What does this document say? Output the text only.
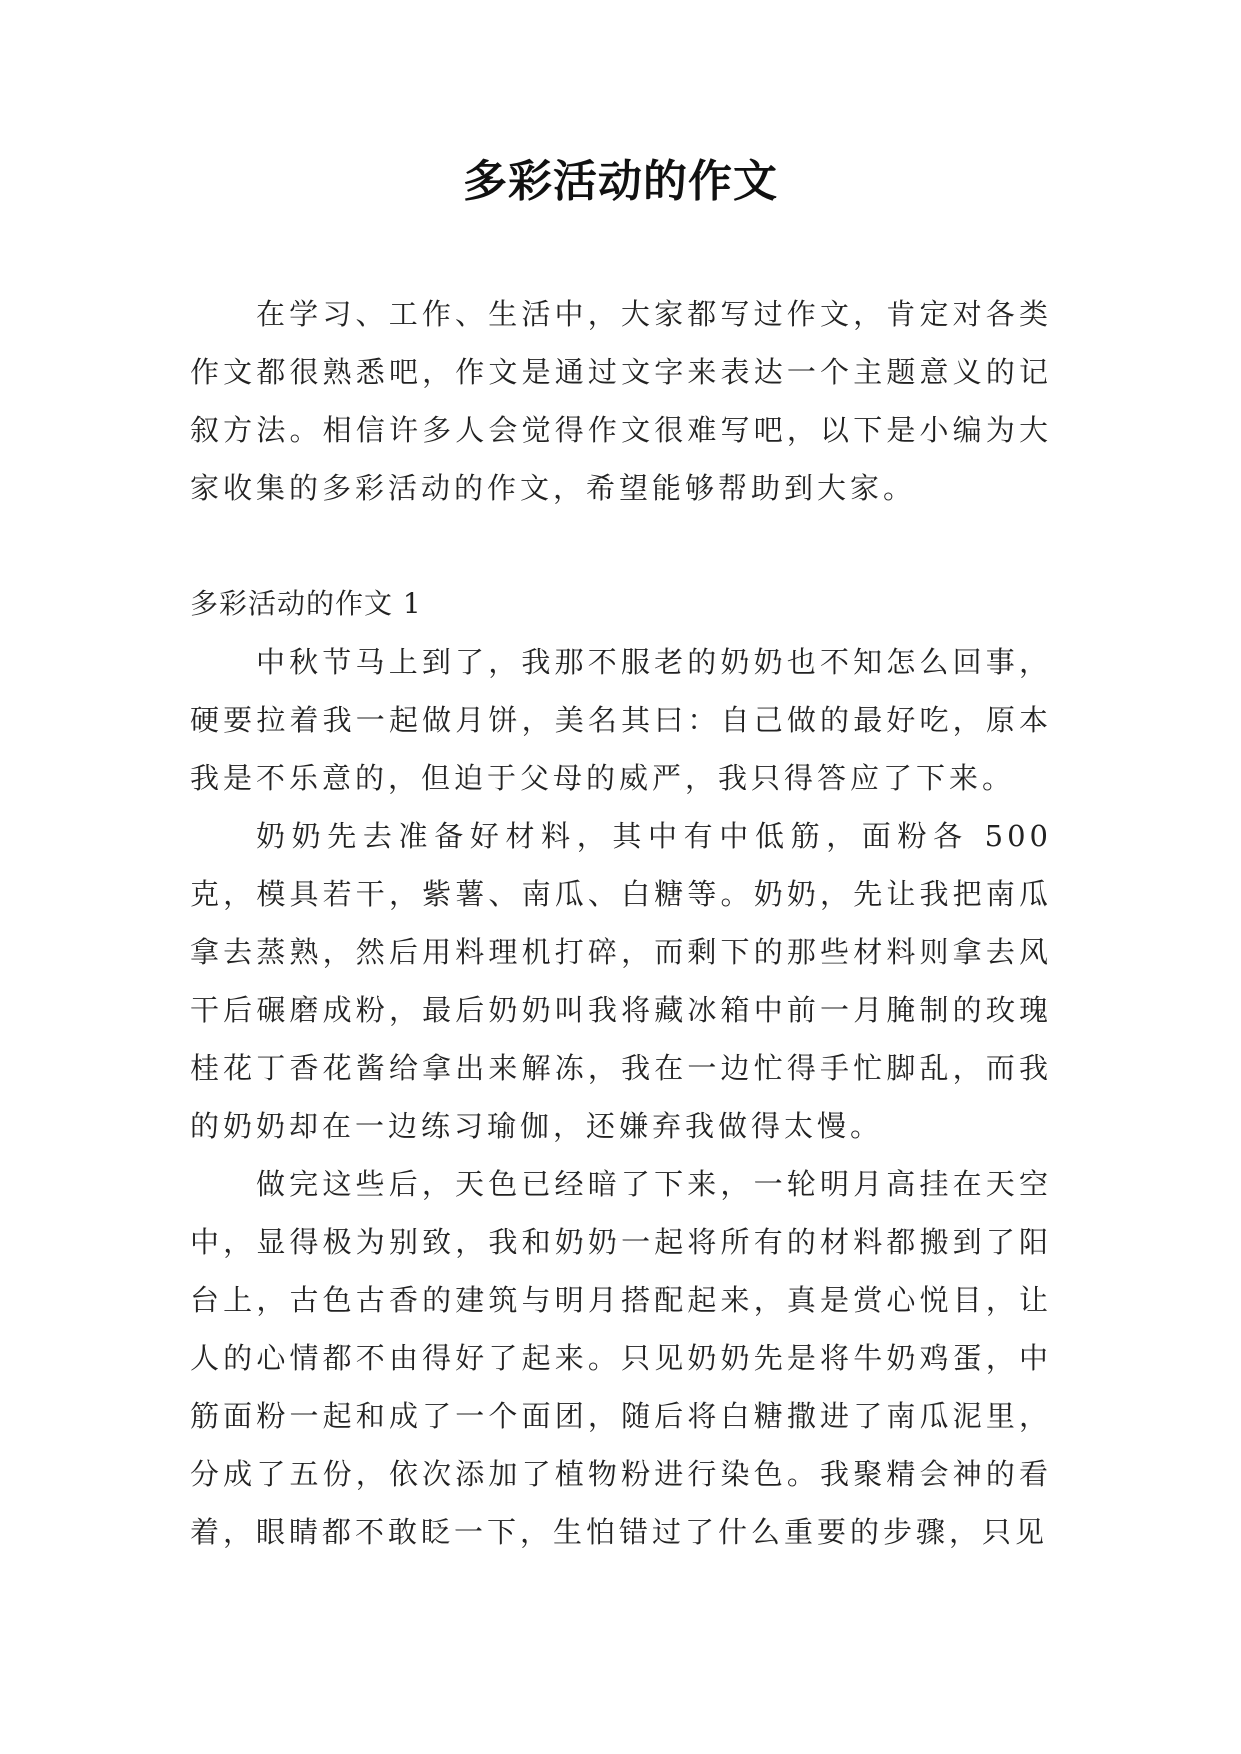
多彩活动的作文

在学习、工作、生活中，大家都写过作文，肯定对各类作文都很熟悉吧，作文是通过文字来表达一个主题意义的记叙方法。相信许多人会觉得作文很难写吧，以下是小编为大家收集的多彩活动的作文，希望能够帮助到大家。

多彩活动的作文 1

中秋节马上到了，我那不服老的奶奶也不知怎么回事，硬要拉着我一起做月饼，美名其曰：自己做的最好吃，原本我是不乐意的，但迫于父母的威严，我只得答应了下来。

奶奶先去准备好材料，其中有中低筋，面粉各 500 克，模具若干，紫薯、南瓜、白糖等。奶奶，先让我把南瓜拿去蒸熟，然后用料理机打碎，而剩下的那些材料则拿去风干后碾磨成粉，最后奶奶叫我将藏冰箱中前一月腌制的玫瑰桂花丁香花酱给拿出来解冻，我在一边忙得手忙脚乱，而我的奶奶却在一边练习瑜伽，还嫌弃我做得太慢。

做完这些后，天色已经暗了下来，一轮明月高挂在天空中，显得极为别致，我和奶奶一起将所有的材料都搬到了阳台上，古色古香的建筑与明月搭配起来，真是赏心悦目，让人的心情都不由得好了起来。只见奶奶先是将牛奶鸡蛋，中筋面粉一起和成了一个面团，随后将白糖撒进了南瓜泥里，分成了五份，依次添加了植物粉进行染色。我聚精会神的看着，眼睛都不敢眨一下，生怕错过了什么重要的步骤，只见
